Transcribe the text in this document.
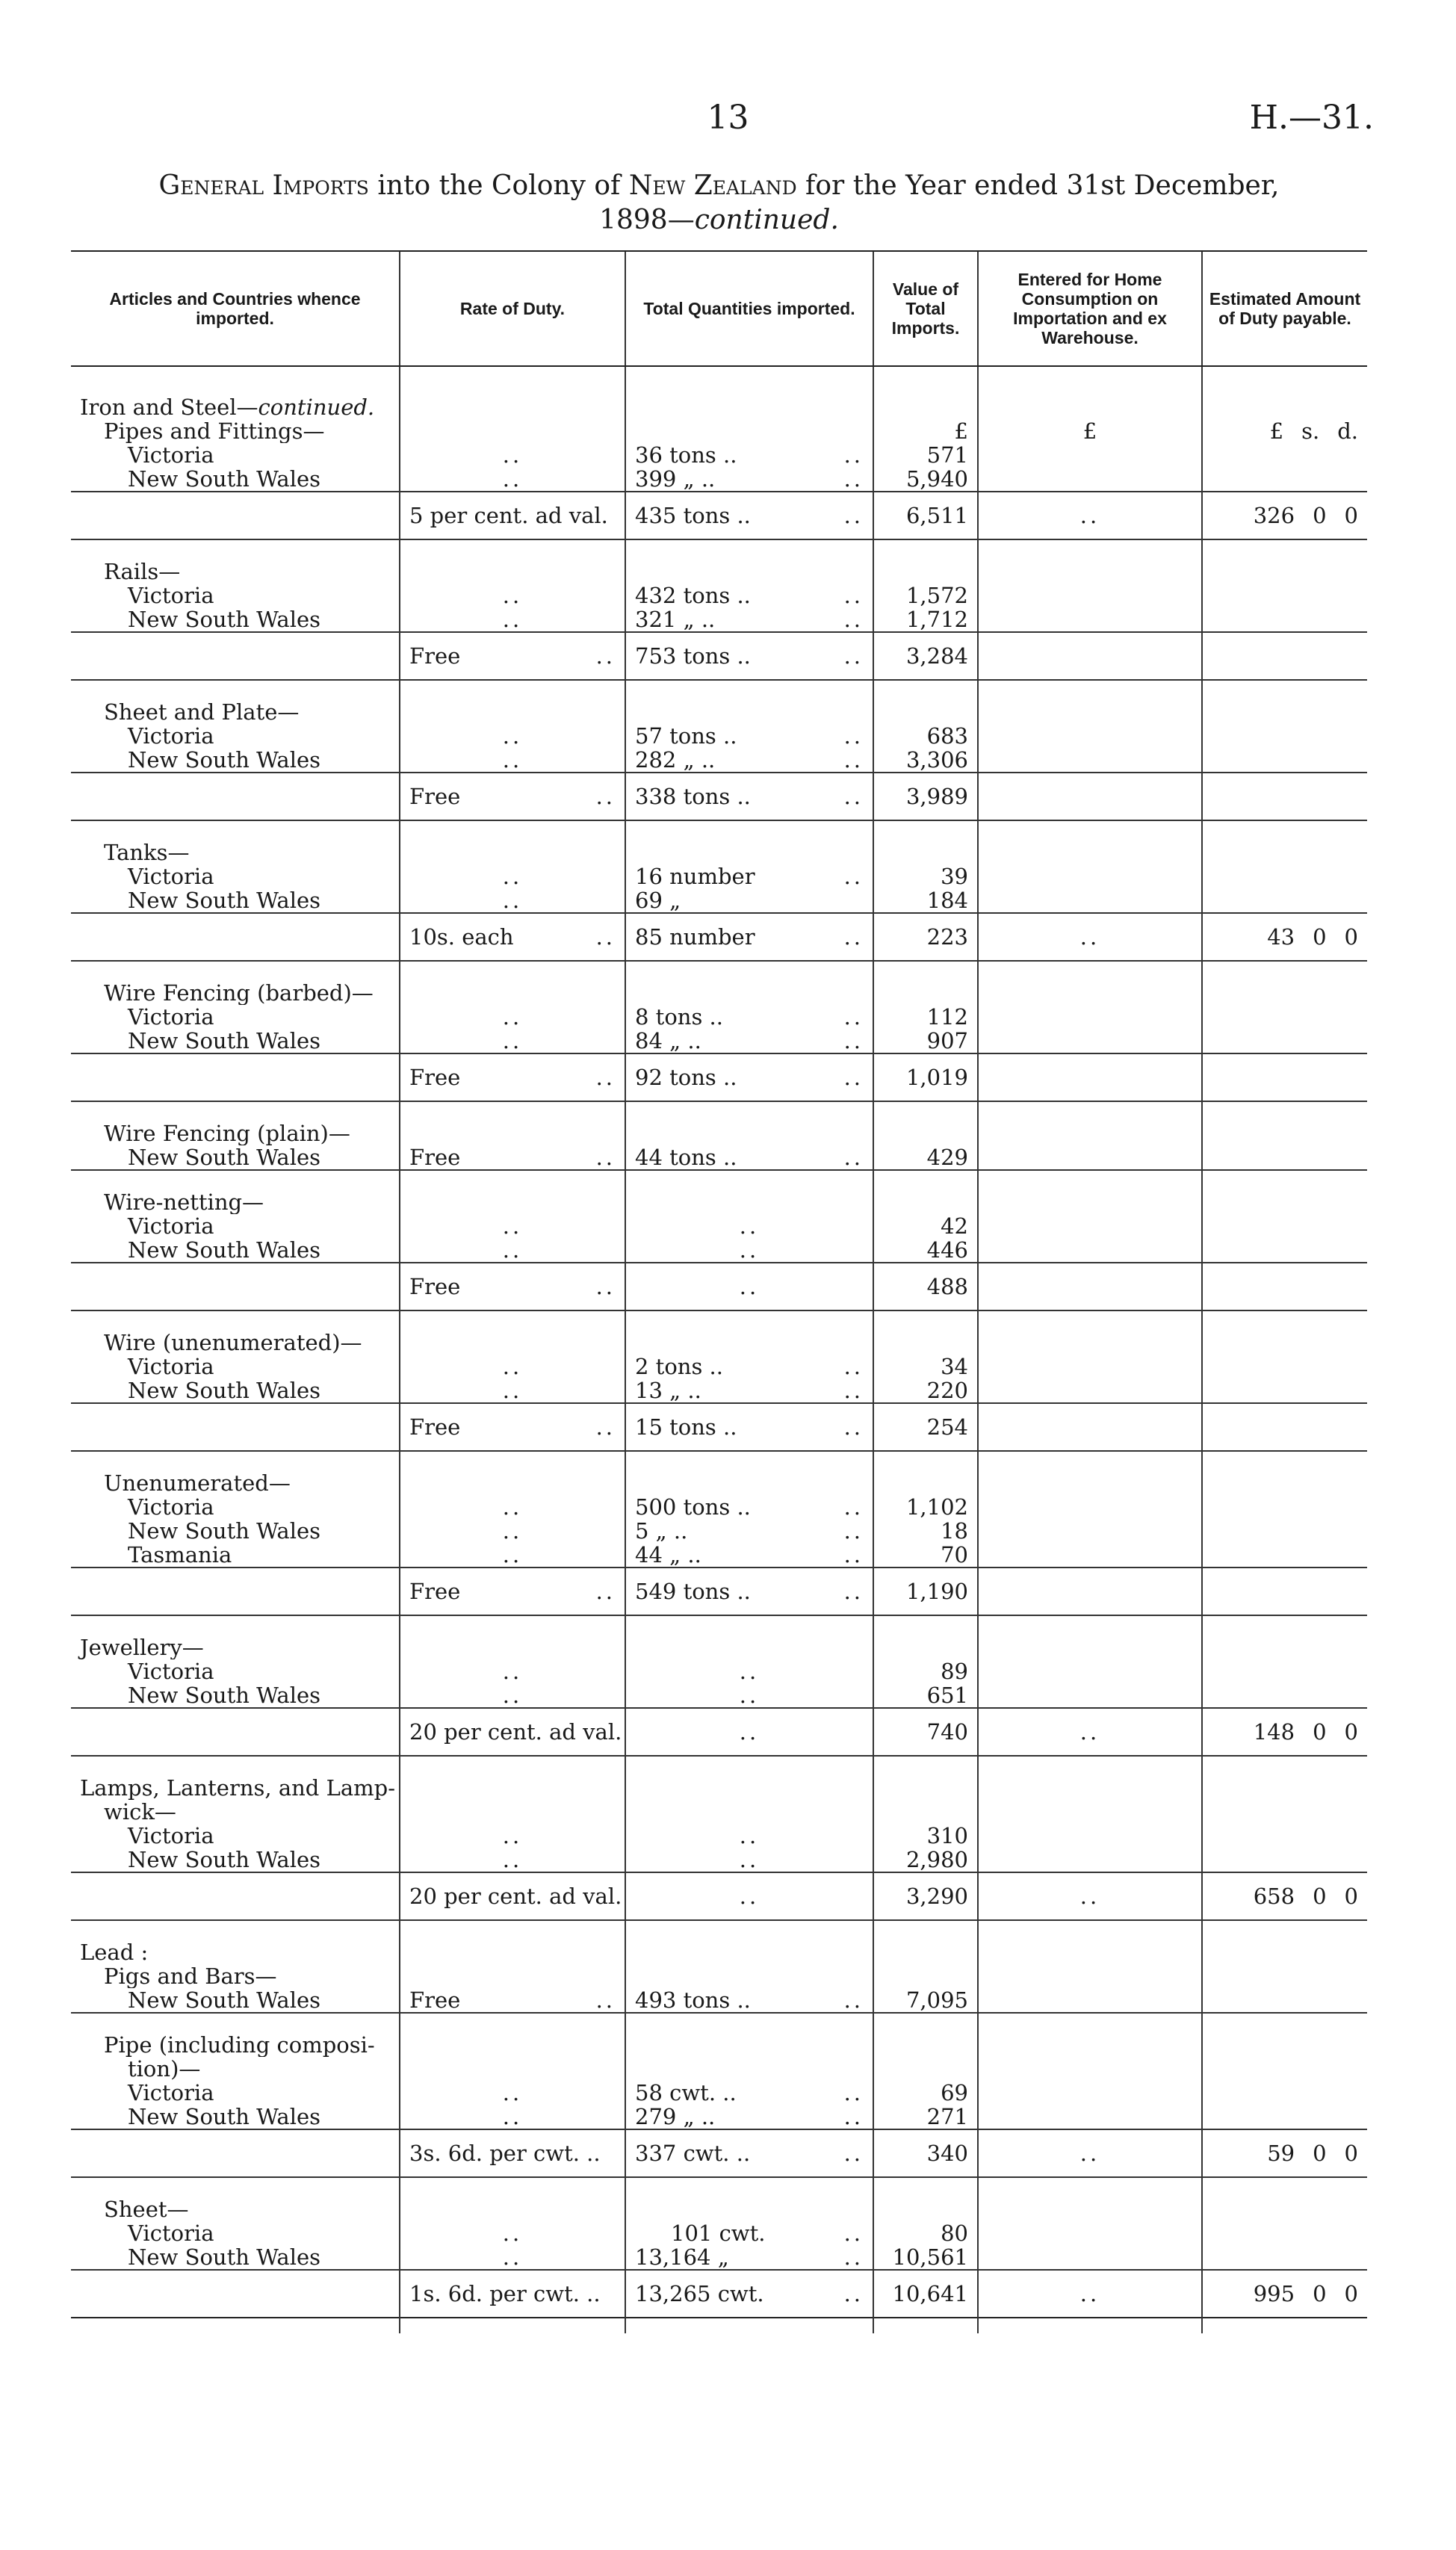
13	H.—31.
General Imports into the Colony of New Zealand for the Year ended 31st December,
1898—continued.
Articles and Countries whence imported.	Rate of Duty.	Total Quantities imported.	Value of Total Imports.	Entered for Home Consumption on Importation and ex Warehouse.	Estimated Amount of Duty payable.

Iron and Steel—continued.					
Pipes and Fittings—			£	£	£ s. d.

Victoria	..	36 tons .. ..	571		
New South Wales	..	399 „ .. ..	5,940		
	5 per cent. ad val.	435 tons .. ..	6,511	..	326 0 0

Rails—					
Victoria	..	432 tons .. ..	1,572		
New South Wales	..	321 „ .. ..	1,712		

	Free ..	753 tons .. ..	3,284		

Sheet and Plate—					
Victoria	..	57 tons .. ..	683		
New South Wales	..	282 „ .. ..	3,306		

	Free ..	338 tons .. ..	3,989		

Tanks—					
Victoria	..	16 number ..	39		
New South Wales	..	69 „	184		

	10s. each ..	85 number ..	223	..	43 0 0

Wire Fencing (barbed)—					
Victoria	..	8 tons .. ..	112		
New South Wales	..	84 „ .. ..	907		

	Free ..	92 tons .. ..	1,019		

Wire Fencing (plain)—					
New South Wales	Free ..	44 tons .. ..	429		

Wire-netting—					
Victoria	..	..	42		
New South Wales	..	..	446		

	Free ..	..	488		

Wire (unenumerated)—					
Victoria	..	2 tons .. ..	34		
New South Wales	..	13 „ .. ..	220		

	Free ..	15 tons .. ..	254		

Unenumerated—					
Victoria	..	500 tons .. ..	1,102		
New South Wales	..	5 „ .. ..	18		
Tasmania	..	44 „ .. ..	70		

	Free ..	549 tons .. ..	1,190		

Jewellery—					
Victoria	..	..	89		
New South Wales	..	..	651		
	20 per cent. ad val.	..	740	..	148 0 0

Lamps, Lanterns, and Lamp-					
wick—					
Victoria	..	..	310		
New South Wales	..	..	2,980		
	20 per cent. ad val.	..	3,290	..	658 0 0

Lead :					
Pigs and Bars—					
New South Wales	Free ..	493 tons .. ..	7,095		

Pipe (including composi-					
tion)—					
Victoria	..	58 cwt. .. ..	69		
New South Wales	..	279 „ .. ..	271		
	3s. 6d. per cwt. ..	337 cwt. .. ..	340	..	59 0 0

Sheet—					
Victoria	..	101 cwt. ..	80		
New South Wales	..	13,164 „ ..	10,561		
	1s. 6d. per cwt. ..	13,265 cwt. ..	10,641	..	995 0 0
